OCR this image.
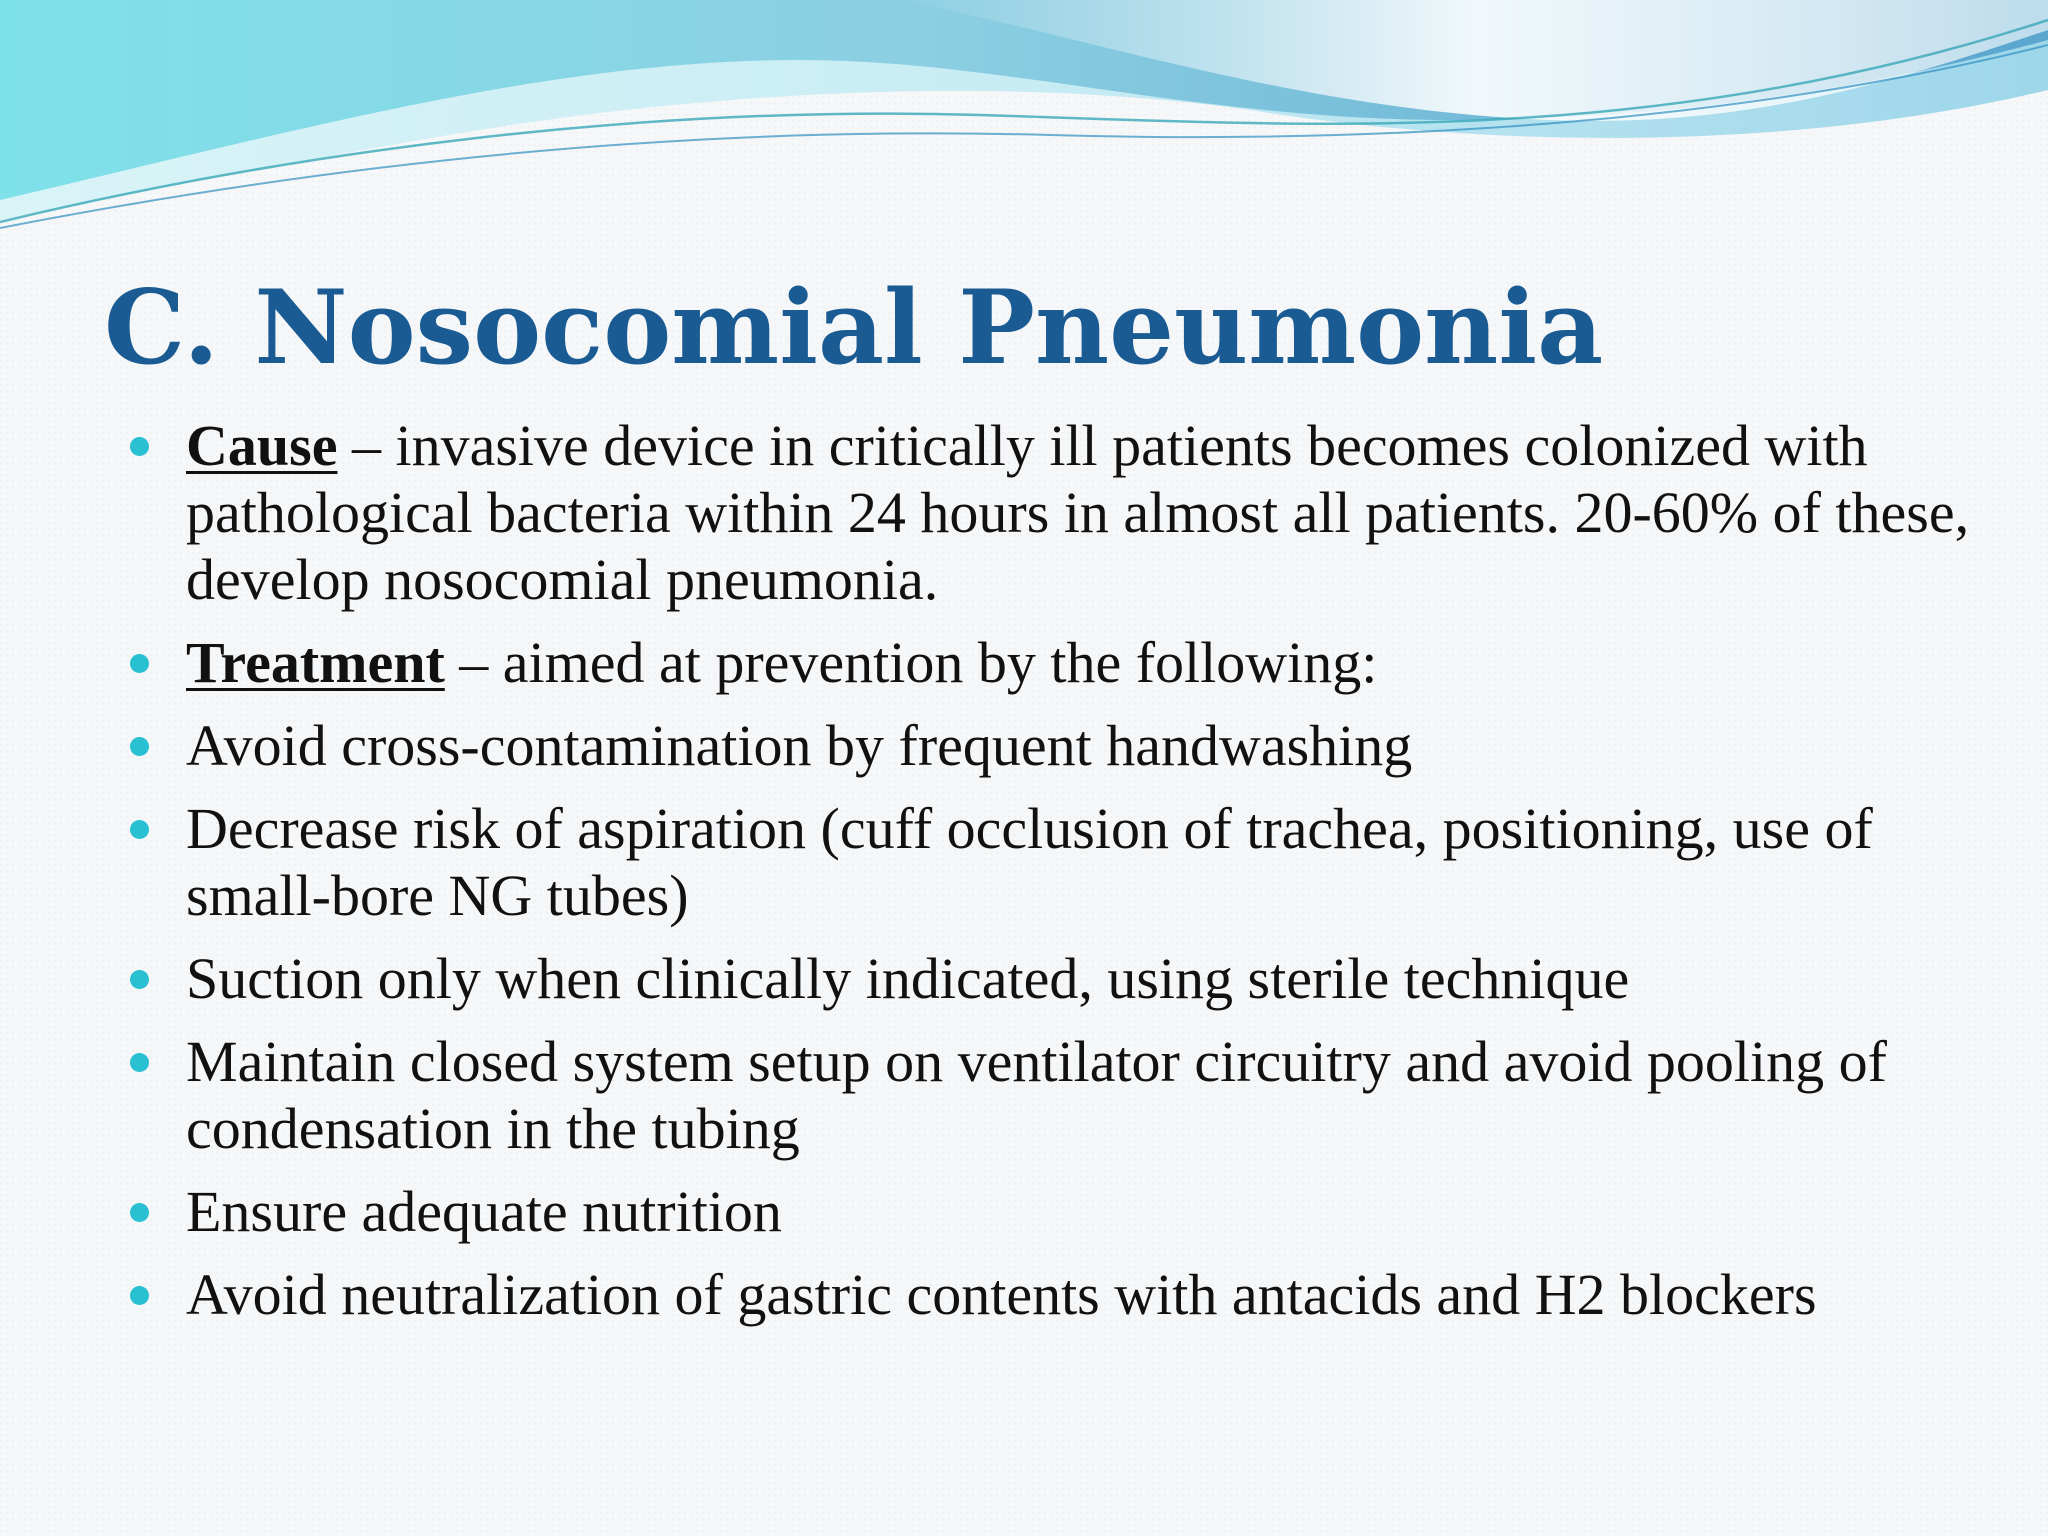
C. Nosocomial Pneumonia
Cause – invasive device in critically ill patients becomes colonized with pathological bacteria within 24 hours in almost all patients. 20-60% of these, develop nosocomial pneumonia.
Treatment – aimed at prevention by the following:
Avoid cross-contamination by frequent handwashing
Decrease risk of aspiration (cuff occlusion of trachea, positioning, use of small-bore NG tubes)
Suction only when clinically indicated, using sterile technique
Maintain closed system setup on ventilator circuitry and avoid pooling of condensation in the tubing
Ensure adequate nutrition
Avoid neutralization of gastric contents with antacids and H2 blockers
